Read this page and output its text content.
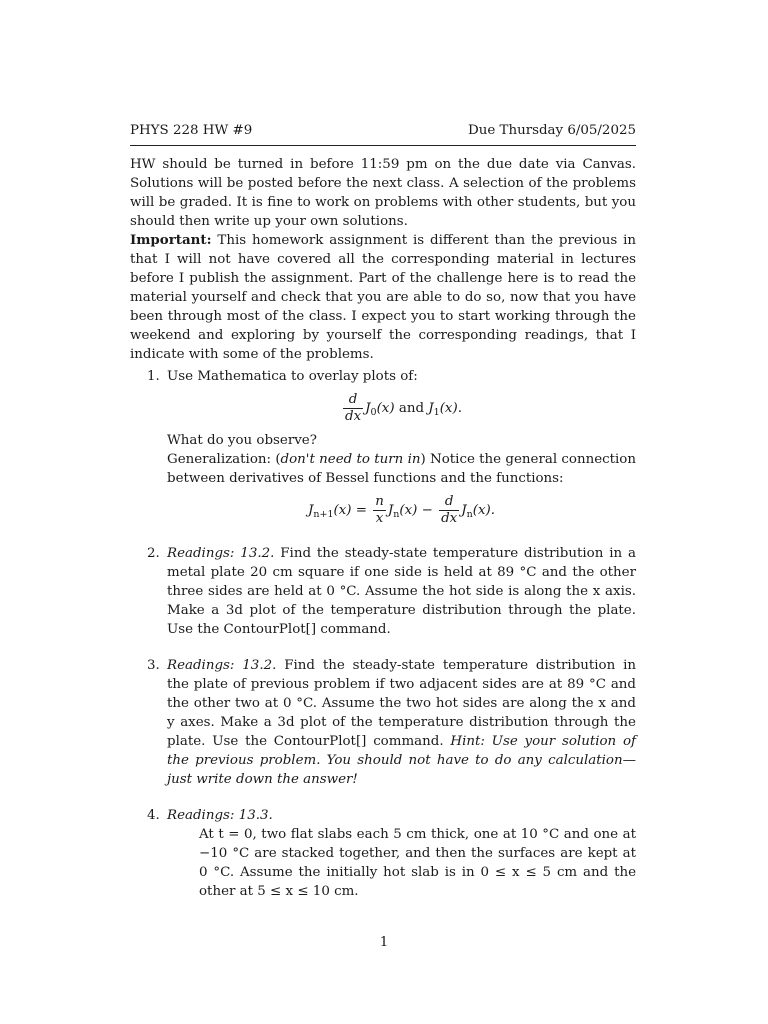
PHYS 228 HW #9	Due Thursday 6/05/2025

HW should be turned in before 11:59 pm on the due date via Canvas. Solutions will be posted before the next class. A selection of the problems will be graded. It is fine to work on problems with other students, but you should then write up your own solutions.

Important: This homework assignment is different than the previous in that I will not have covered all the corresponding material in lectures before I publish the assignment. Part of the challenge here is to read the material yourself and check that you are able to do so, now that you have been through most of the class. I expect you to start working through the weekend and exploring by yourself the corresponding readings, that I indicate with some of the problems.

1. Use Mathematica to overlay plots of:

$\frac{d}{dx} J_0(x)$ and $J_1(x)$.

What do you observe?

Generalization: (don't need to turn in) Notice the general connection between derivatives of Bessel functions and the functions:

$J_{n+1}(x) = \frac{n}{x} J_n(x) - \frac{d}{dx} J_n(x)$.
2. Readings: 13.2. Find the steady-state temperature distribution in a metal plate 20 cm square if one side is held at 89 °C and the other three sides are held at 0 °C. Assume the hot side is along the x axis. Make a 3d plot of the temperature distribution through the plate. Use the ContourPlot[] command.

3. Readings: 13.2. Find the steady-state temperature distribution in the plate of previous problem if two adjacent sides are at 89 °C and the other two at 0 °C. Assume the two hot sides are along the x and y axes. Make a 3d plot of the temperature distribution through the plate. Use the ContourPlot[] command. Hint: Use your solution of the previous problem. You should not have to do any calculation—just write down the answer!

4. Readings: 13.3.

At t = 0, two flat slabs each 5 cm thick, one at 10 °C and one at −10 °C are stacked together, and then the surfaces are kept at 0 °C. Assume the initially hot slab is in 0 ≤ x ≤ 5 cm and the other at 5 ≤ x ≤ 10 cm.

1
